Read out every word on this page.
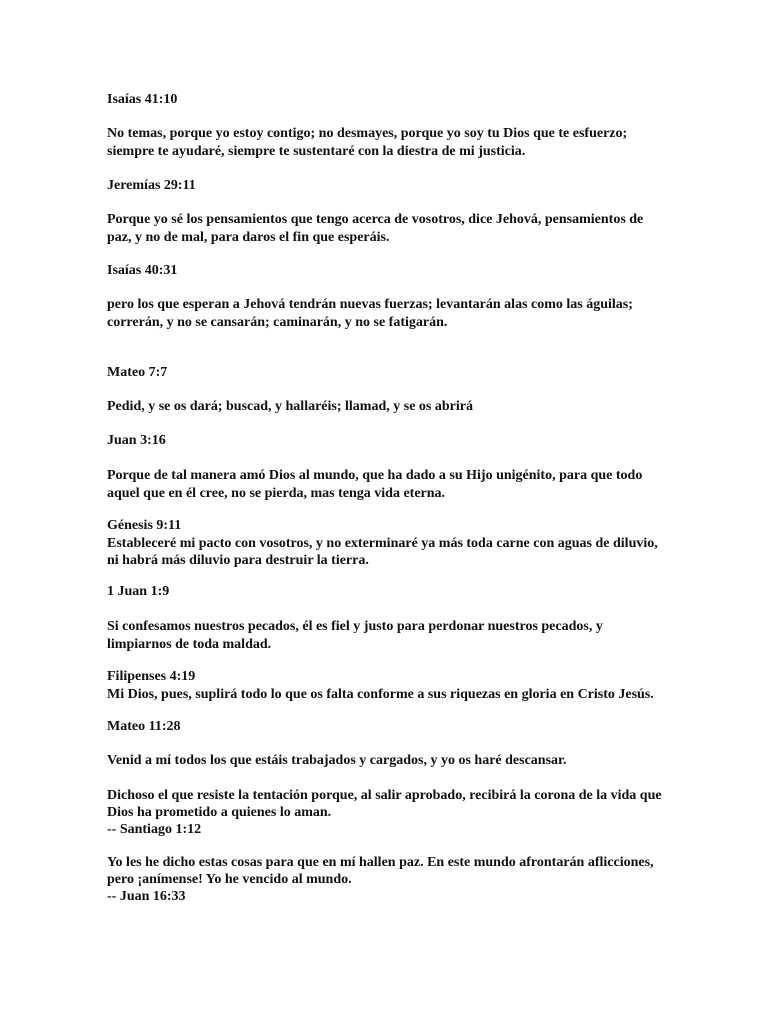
Isaías 41:10
No temas, porque yo estoy contigo; no desmayes, porque yo soy tu Dios que te esfuerzo;
siempre te ayudaré, siempre te sustentaré con la diestra de mi justicia.
Jeremías 29:11
Porque yo sé los pensamientos que tengo acerca de vosotros, dice Jehová, pensamientos de
paz, y no de mal, para daros el fin que esperáis.
Isaías 40:31
pero los que esperan a Jehová tendrán nuevas fuerzas; levantarán alas como las águilas;
correrán, y no se cansarán; caminarán, y no se fatigarán.
Mateo 7:7
Pedid, y se os dará; buscad, y hallaréis; llamad, y se os abrirá
Juan 3:16
Porque de tal manera amó Dios al mundo, que ha dado a su Hijo unigénito, para que todo
aquel que en él cree, no se pierda, mas tenga vida eterna.
Génesis 9:11
Estableceré mi pacto con vosotros, y no exterminaré ya más toda carne con aguas de diluvio,
ni habrá más diluvio para destruir la tierra.
1 Juan 1:9
Si confesamos nuestros pecados, él es fiel y justo para perdonar nuestros pecados, y
limpiarnos de toda maldad.
Filipenses 4:19
Mi Dios, pues, suplirá todo lo que os falta conforme a sus riquezas en gloria en Cristo Jesús.
Mateo 11:28
Venid a mí todos los que estáis trabajados y cargados, y yo os haré descansar.
Dichoso el que resiste la tentación porque, al salir aprobado, recibirá la corona de la vida que
Dios ha prometido a quienes lo aman.
-- Santiago 1:12
Yo les he dicho estas cosas para que en mí hallen paz. En este mundo afrontarán aflicciones,
pero ¡anímense! Yo he vencido al mundo.
-- Juan 16:33
